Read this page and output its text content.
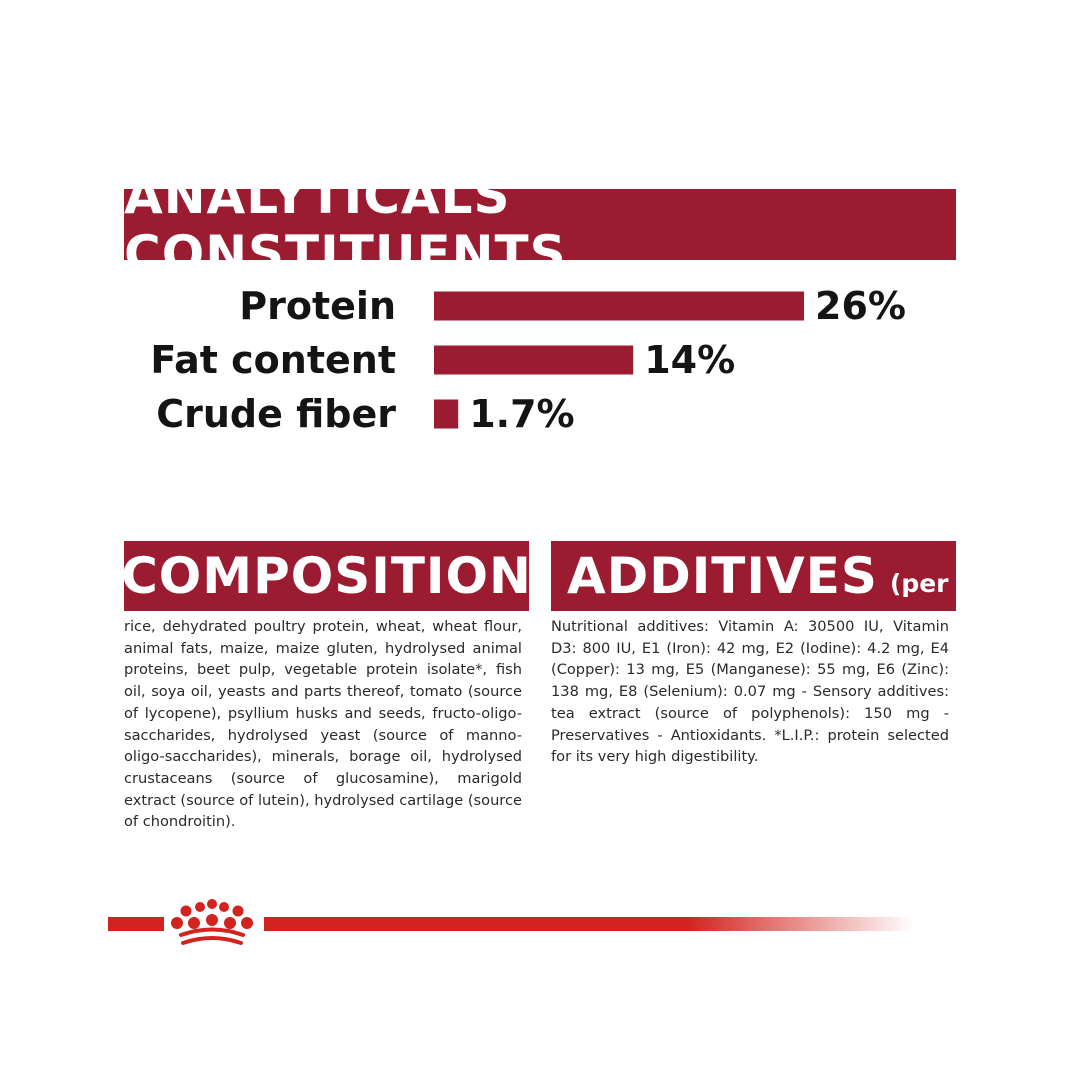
ANALYTICALS CONSTITUENTS
Protein	26%
Fat content	14%
Crude fiber 1.7%
COMPOSITION ADDITIVES (per kg)

rice, dehydrated poultry protein, wheat, wheat flour, animal fats, maize, maize gluten, hydrolysed animal proteins, beet pulp, vegetable protein isolate*, fish oil, soya oil, yeasts and parts thereof, tomato (source of lycopene), psyllium husks and seeds, fructo-oligo-saccharides, hydrolysed yeast (source of manno-oligo-saccharides), minerals, borage oil, hydrolysed crustaceans (source of glucosamine), marigold extract (source of lutein), hydrolysed cartilage (source of chondroitin).

Nutritional additives: Vitamin A: 30500 IU, Vitamin D3: 800 IU, E1 (Iron): 42 mg, E2 (Iodine): 4.2 mg, E4 (Copper): 13 mg, E5 (Manganese): 55 mg, E6 (Zinc): 138 mg, E8 (Selenium): 0.07 mg - Sensory additives: tea extract (source of polyphenols): 150 mg - Preservatives - Antioxidants. *L.I.P.: protein selected for its very high digestibility.
